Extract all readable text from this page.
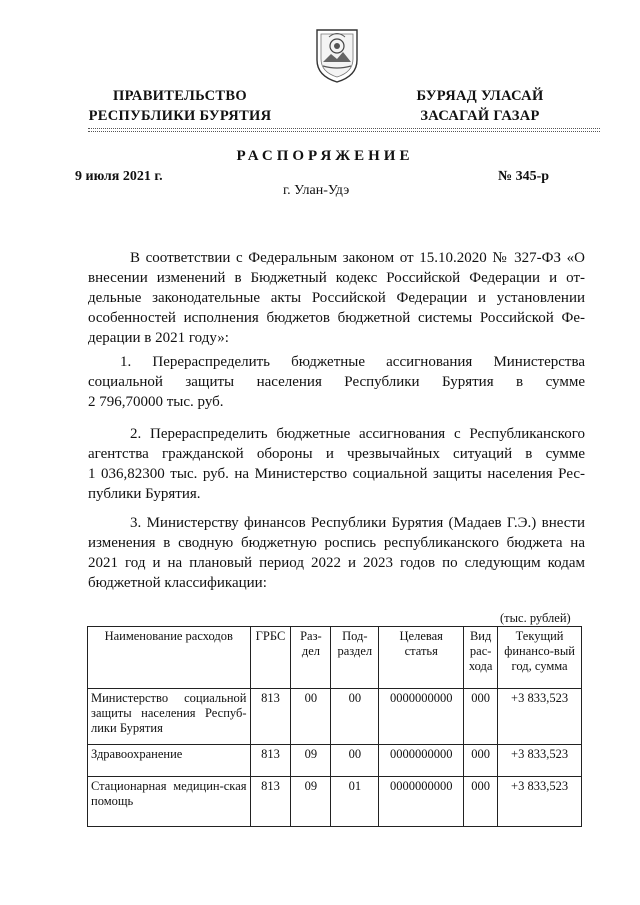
ПРАВИТЕЛЬСТВО
РЕСПУБЛИКИ БУРЯТИЯ
БУРЯАД УЛАСАЙ
ЗАСАГАЙ ГАЗАР
РАСПОРЯЖЕНИЕ
9 июля 2021 г.	№ 345-р
г. Улан-Удэ
В соответствии с Федеральным законом от 15.10.2020 № 327-ФЗ «О
внесении изменений в Бюджетный кодекс Российской Федерации и от-
дельные законодательные акты Российской Федерации и установлении
особенностей исполнения бюджетов бюджетной системы Российской Фе-
дерации в 2021 году»:
1. Перераспределить бюджетные ассигнования Министерства
социальной защиты населения Республики Бурятия в сумме
2 796,70000 тыс. руб.
2. Перераспределить бюджетные ассигнования с Республиканского
агентства гражданской обороны и чрезвычайных ситуаций в сумме
1 036,82300 тыс. руб. на Министерство социальной защиты населения Рес-
публики Бурятия.
3. Министерству финансов Республики Бурятия (Мадаев Г.Э.) внести
изменения в сводную бюджетную роспись республиканского бюджета на
2021 год и на плановый период 2022 и 2023 годов по следующим кодам
бюджетной классификации:
(тыс. рублей)
Наименование расходов	ГРБС	Раз-дел	Под-раздел	Целевая статья	Вид рас-хода	Текущий финансо-вый год, сумма
Министерство социальной защиты населения Респуб-лики Бурятия	813	00	00	0000000000	000	+3 833,523
Здравоохранение	813	09	00	0000000000	000	+3 833,523
Стационарная медицин-ская помощь	813	09	01	0000000000	000	+3 833,523
